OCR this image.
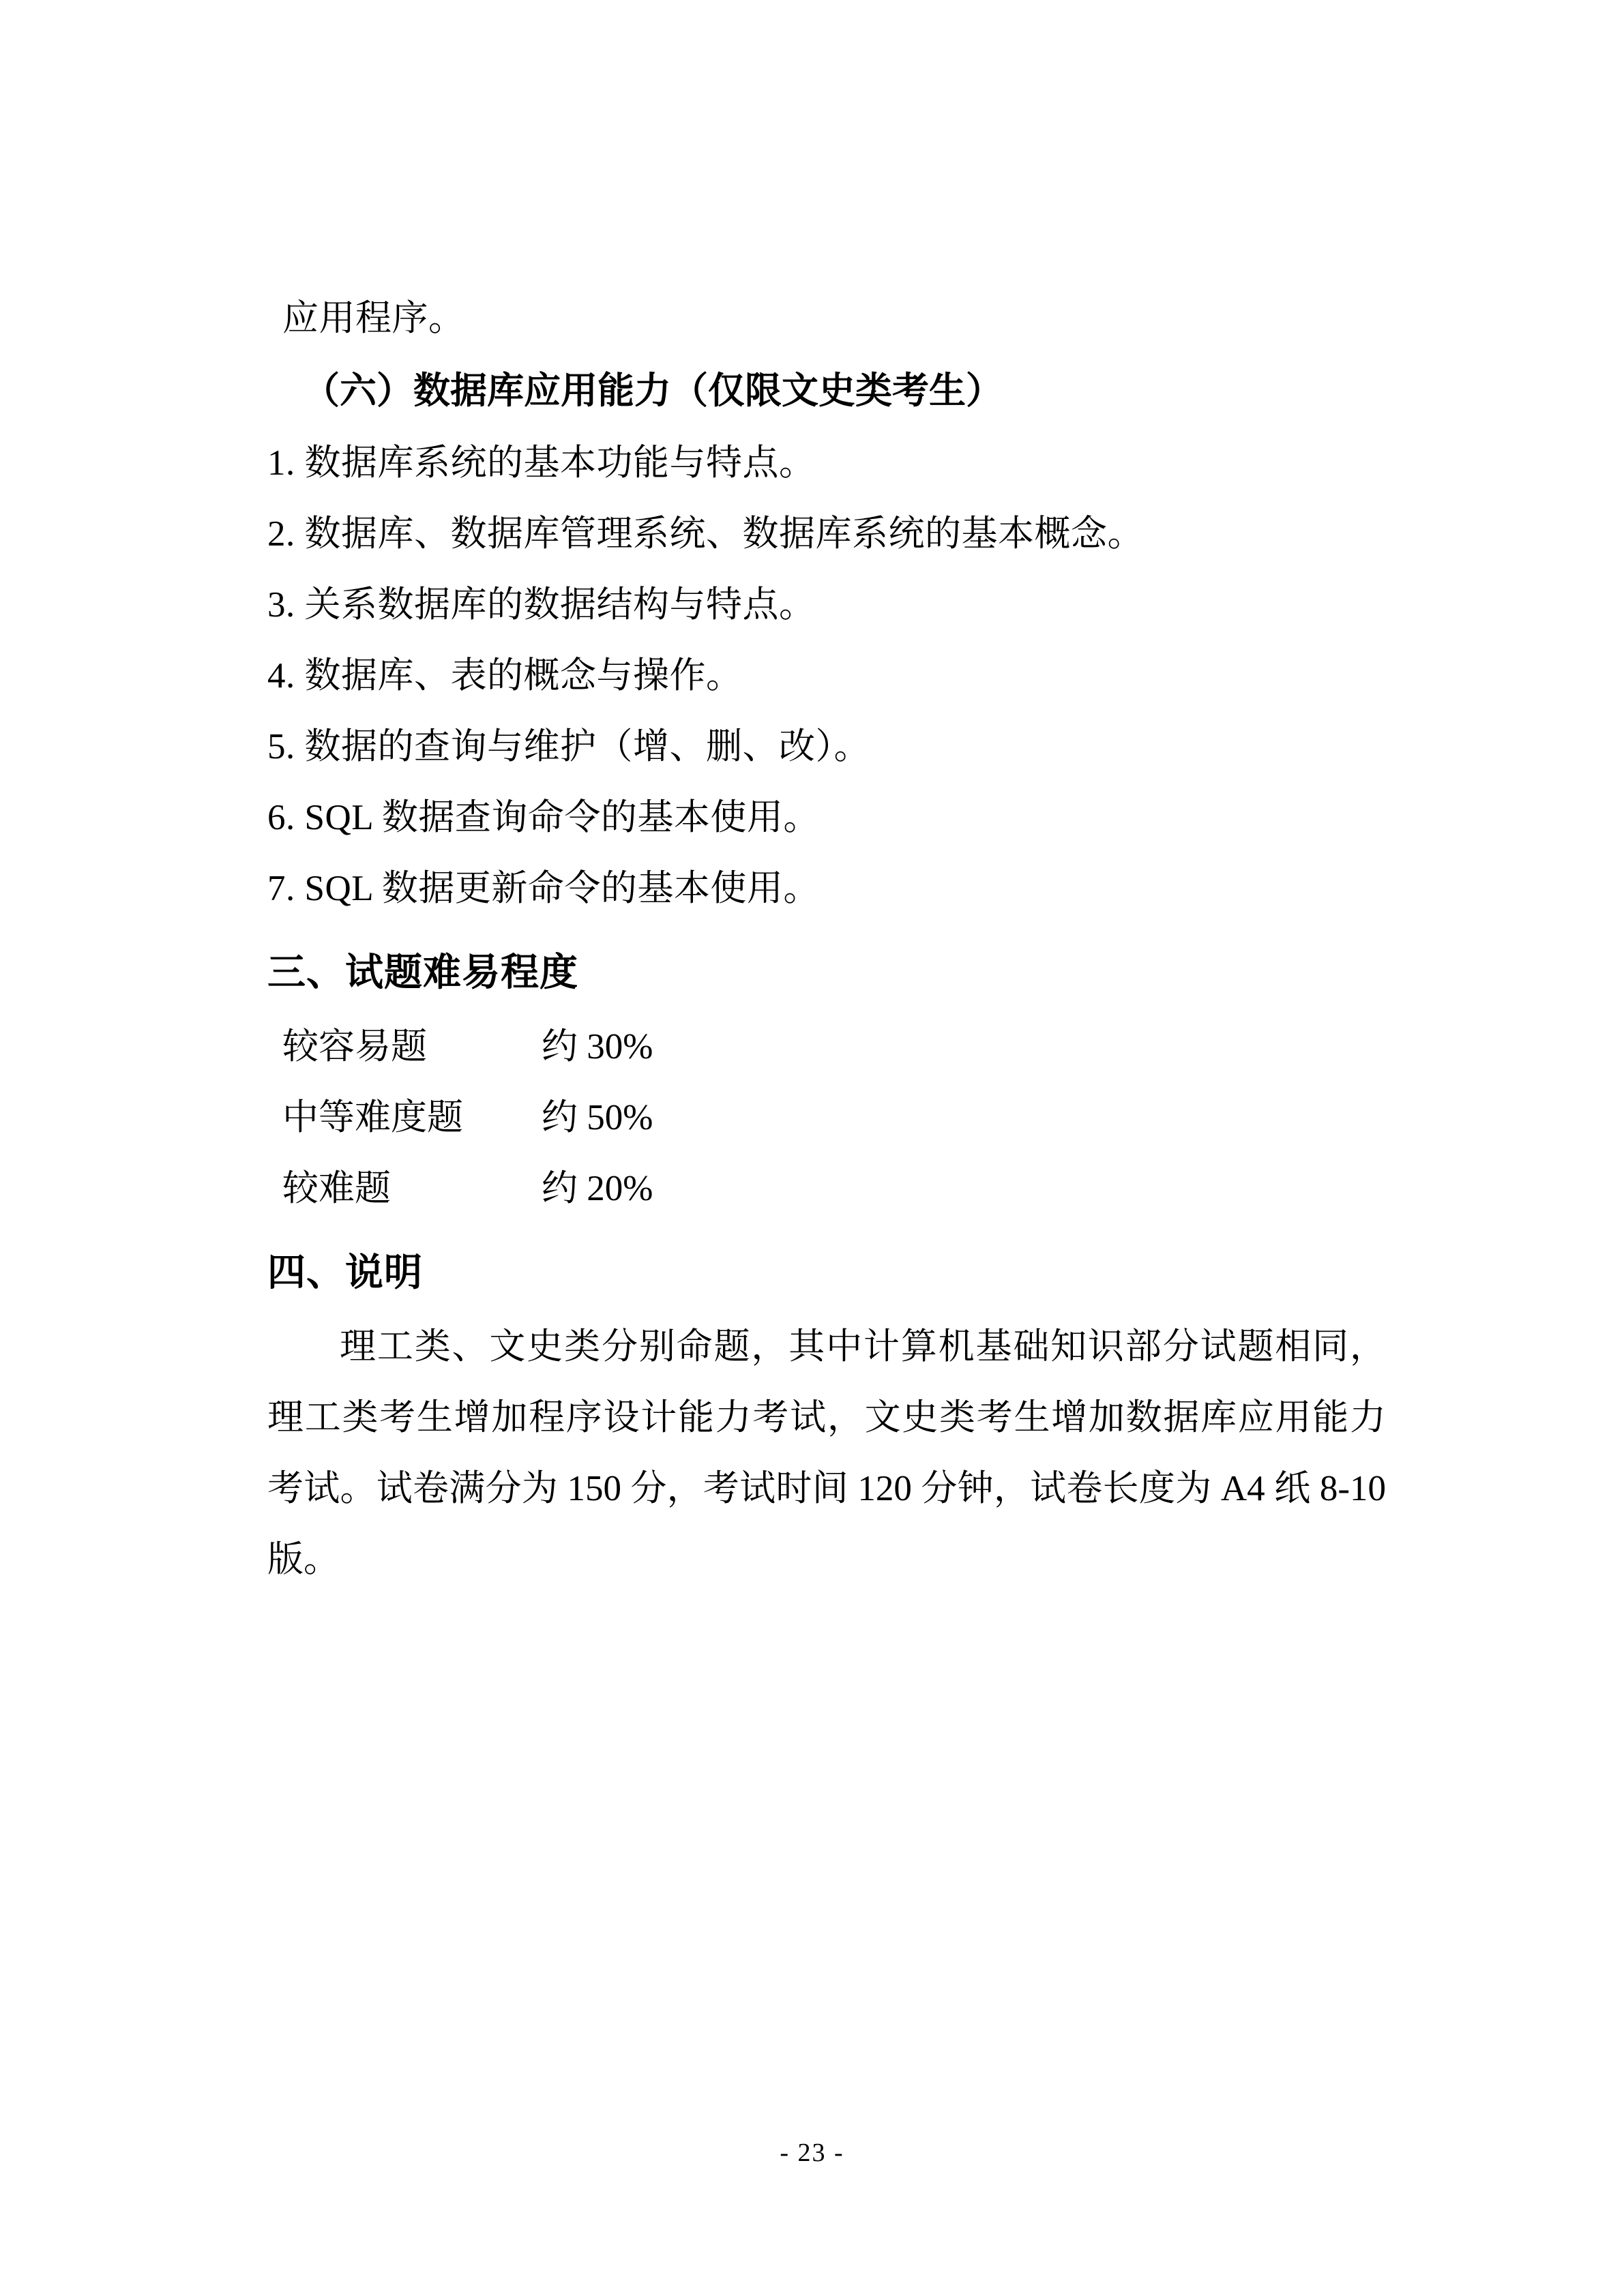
应用程序。
（六）数据库应用能力（仅限文史类考生）
1. 数据库系统的基本功能与特点。
2. 数据库、数据库管理系统、数据库系统的基本概念。
3. 关系数据库的数据结构与特点。
4. 数据库、表的概念与操作。
5. 数据的查询与维护（增、删、改）。
6. SQL 数据查询命令的基本使用。
7. SQL 数据更新命令的基本使用。
三、试题难易程度
较容易题	约 30%
中等难度题	约 50%
较难题	约 20%
四、说明
理工类、文史类分别命题，其中计算机基础知识部分试题相同，理工类考生增加程序设计能力考试，文史类考生增加数据库应用能力考试。试卷满分为 150 分，考试时间 120 分钟，试卷长度为 A4 纸 8-10 版。
- 23 -
